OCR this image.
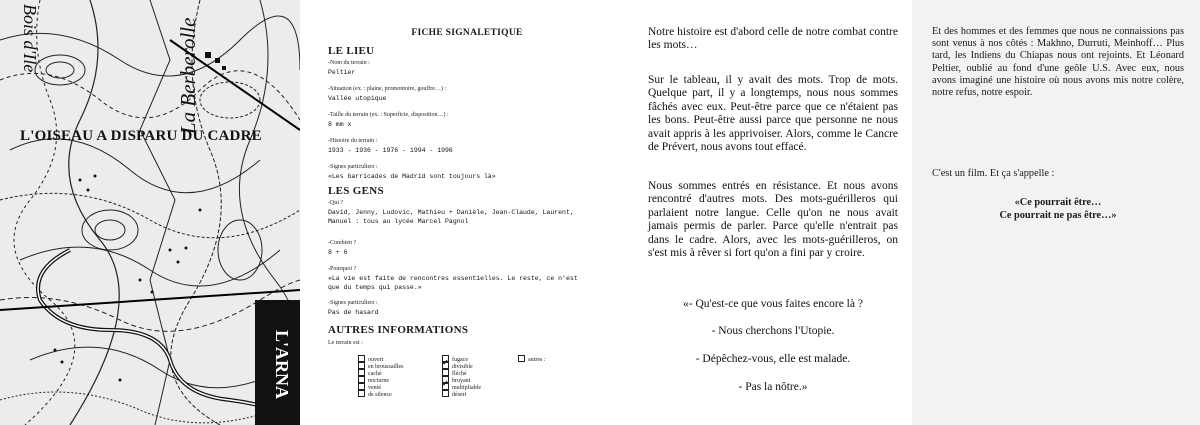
L'OISEAU A DISPARU DU CADRE
La Berberolle
Bois d'Ile
L'ARNA
FICHE SIGNALETIQUE
LE LIEU
-Nom du terrain :
Peltier
-Situation (ex. : plaine, promontoire, gouffre…) :
Vallée utopique
-Taille du terrain (ex. : Superficie, disposition…) :
8 mm x
-Histoire du terrain :
1933 - 1936 - 1976 - 1994 - 1996
-Signes particuliers :
«Les barricades de Madrid sont toujours là»
LES GENS
-Qui ?
David, Jenny, Ludovic, Mathieu + Danièle, Jean-Claude, Laurent, Manuel : tous au lycée Marcel Pagnol
-Combien ?
8 + 6
-Pourquoi ?
«La vie est faite de rencontres essentielles. Le reste, ce n'est que du temps qui passe.»
-Signes particuliers :
Pas de hasard
AUTRES INFORMATIONS
Le terrain est :
ouvert
en broussailles
caché
nocturne
venté
de silence
fugace
✓divisible
fléché
bruyant
✓multipliable
désert
autres :
Notre histoire est d'abord celle de notre combat contre les mots…
Sur le tableau, il y avait des mots. Trop de mots. Quelque part, il y a longtemps, nous nous sommes fâchés avec eux. Peut-être parce que ce n'étaient pas les bons. Peut-être aussi parce que personne ne nous avait appris à les apprivoiser. Alors, comme le Cancre de Prévert, nous avons tout effacé.
Nous sommes entrés en résistance. Et nous avons rencontré d'autres mots. Des mots-guérilleros qui parlaient notre langue. Celle qu'on ne nous avait jamais permis de parler. Parce qu'elle n'entrait pas dans le cadre. Alors, avec les mots-guérilleros, on s'est mis à rêver si fort qu'on a fini par y croire.
«- Qu'est-ce que vous faites encore là ?
- Nous cherchons l'Utopie.
- Dépêchez-vous, elle est malade.
- Pas la nôtre.»
Et des hommes et des femmes que nous ne connaissions pas sont venus à nos côtés : Makhno, Durruti, Meinhoff… Plus tard, les Indiens du Chiapas nous ont rejoints. Et Léonard Peltier, oublié au fond d'une geôle U.S. Avec eux, nous avons imaginé une histoire où nous avons mis notre colère, notre refus, notre espoir.
C'est un film. Et ça s'appelle :
«Ce pourrait être…
Ce pourrait ne pas être…»
